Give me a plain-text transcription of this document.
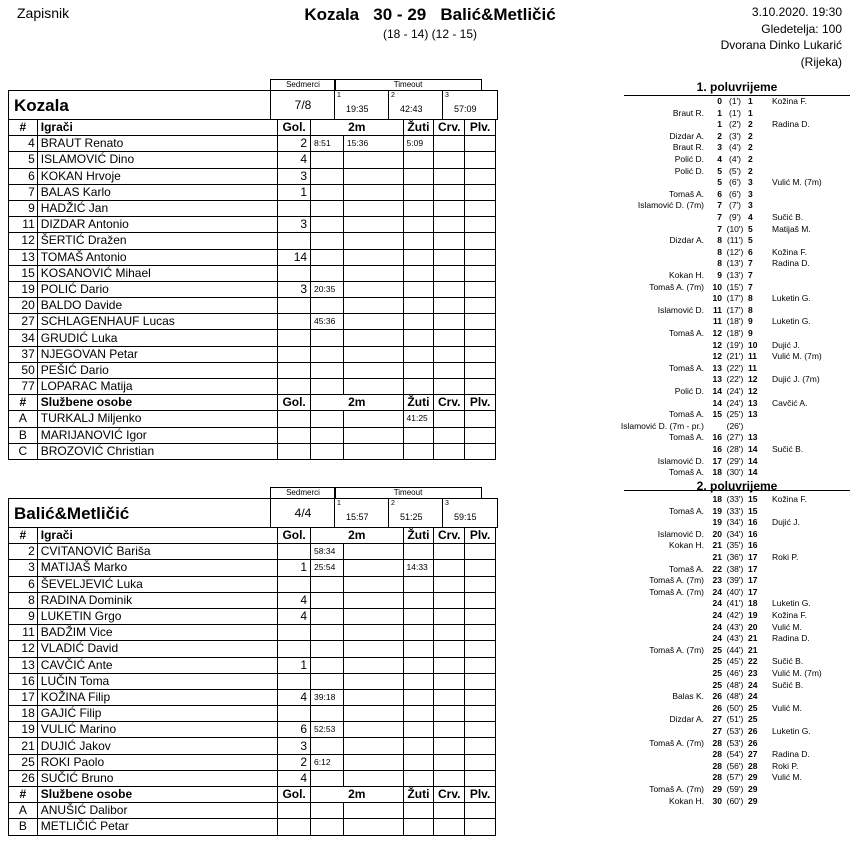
Zapisnik	Kozala 30 - 29 Balić&Metličić
(18 - 14) (12 - 15)
3.10.2020. 19:30
Gledetelja: 100
Dvorana Dinko Lukarić
(Rijeka)
Sedmerci	Timeout
Kozala	7/8
1
19:35
2
42:43
3
57:09
#	Igrači	Gol.	2m		Žuti	Crv.	Plv.
4	BRAUT Renato	2	8:51	15:36	5:09		
5	ISLAMOVIĆ Dino	4					
6	KOKAN Hrvoje	3					
7	BALAS Karlo	1					
9	HADŽIĆ Jan						
11	DIZDAR Antonio	3					
12	ŠERTIĆ Dražen						
13	TOMAŠ Antonio	14					
15	KOSANOVIĆ Mihael						
19	POLIĆ Dario	3	20:35				
20	BALDO Davide						
27	SCHLAGENHAUF Lucas		45:36				
34	GRUDIĆ Luka						
37	NJEGOVAN Petar						
50	PEŠIĆ Dario						
77	LOPARAC Matija						
#	Službene osobe	Gol.	2m		Žuti	Crv.	Plv.
A	TURKALJ Miljenko				41:25		
B	MARIJANOVIĆ Igor						
C	BROZOVIĆ Christian						
Sedmerci	Timeout
Balić&Metličić	4/4
1
15:57
2
51:25
3
59:15
#	Igrači	Gol.	2m		Žuti	Crv.	Plv.
2	CVITANOVIĆ Bariša		58:34				
3	MATIJAŠ Marko	1	25:54		14:33		
6	ŠEVELJEVIĆ Luka						
8	RADINA Dominik	4					
9	LUKETIN Grgo	4					
11	BADŽIM Vice						
12	VLADIĆ David						
13	CAVČIĆ Ante	1					
16	LUČIN Toma						
17	KOŽINA Filip	4	39:18				
18	GAJIĆ Filip						
19	VULIĆ Marino	6	52:53				
21	DUJIĆ Jakov	3					
25	ROKI Paolo	2	6:12				
26	SUČIĆ Bruno	4					
#	Službene osobe	Gol.	2m		Žuti	Crv.	Plv.
A	ANUŠIĆ Dalibor						
B	METLIČIĆ Petar						
1. poluvrijeme
0 (1') 1	Kožina F.
Braut R.	1 (1') 1
1 (2') 2	Radina D.
Dizdar A.	2 (3') 2
Braut R.	3 (4') 2
Polić D.	4 (4') 2
Polić D.	5 (5') 2
5 (6') 3	Vulić M. (7m)
Tomaš A.	6 (6') 3
Islamović D. (7m)	7 (7') 3
7 (9') 4	Sučić B.
7 (10') 5	Matijaš M.
Dizdar A.	8 (11') 5
8 (12') 6	Kožina F.
8 (13') 7	Radina D.
Kokan H.	9 (13') 7
Tomaš A. (7m) 10 (15') 7
10 (17') 8	Luketin G.
Islamović D.	11 (17') 8
11 (18') 9	Luketin G.
Tomaš A. 12 (18') 9
12 (19') 10	Dujić J.
12 (21') 11	Vulić M. (7m)
Tomaš A. 13 (22') 11
13 (22') 12	Dujić J. (7m)
Polić D. 14 (24') 12
14 (24') 13	Cavčić A.
Tomaš A. 15 (25') 13
Islamović D. (7m - pr.)	(26')
Tomaš A. 16 (27') 13
16 (28') 14	Sučić B.
Islamović D. 17 (29') 14
Tomaš A. 18 (30') 14
2. poluvrijeme
18 (33') 15	Kožina F.
Tomaš A. 19 (33') 15
19 (34') 16	Dujić J.
Islamović D. 20 (34') 16
Kokan H. 21 (35') 16
21 (36') 17	Roki P.
Tomaš A. 22 (38') 17
Tomaš A. (7m) 23 (39') 17
Tomaš A. (7m) 24 (40') 17
24 (41') 18	Luketin G.
24 (42') 19	Kožina F.
24 (43') 20	Vulić M.
24 (43') 21	Radina D.
Tomaš A. (7m) 25 (44') 21
25 (45') 22	Sučić B.
25 (46') 23	Vulić M. (7m)
25 (48') 24	Sučić B.
Balas K. 26 (48') 24
26 (50') 25	Vulić M.
Dizdar A. 27 (51') 25
27 (53') 26	Luketin G.
Tomaš A. (7m) 28 (53') 26
28 (54') 27	Radina D.
28 (56') 28	Roki P.
28 (57') 29	Vulić M.
Tomaš A. (7m) 29 (59') 29
Kokan H. 30 (60') 29
